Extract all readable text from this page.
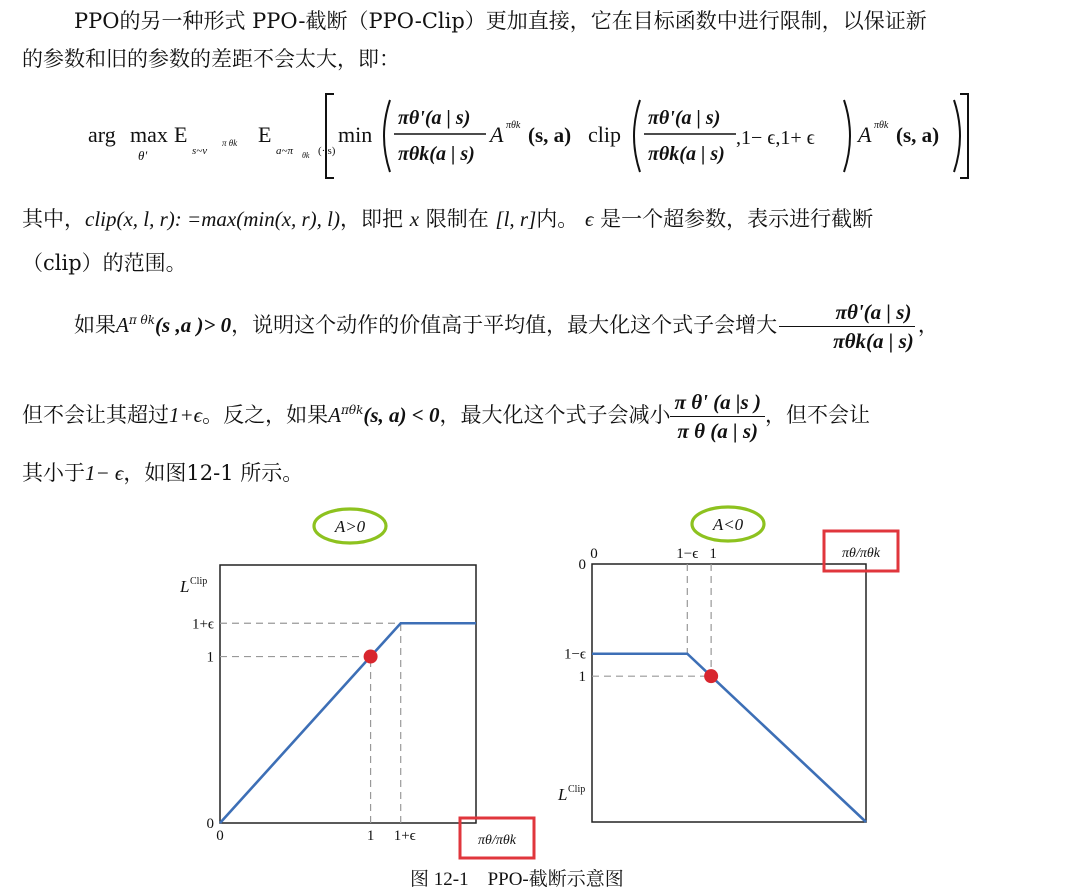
PPO的另一种形式 PPO-截断（PPO-Clip）更加直接，它在目标函数中进行限制，以保证新
的参数和旧的参数的差距不会太大，即：
arg max
θ'
E
s~ν
π θk E
a~π θk (·|s)
min
πθ'(a | s)
πθk(a | s)
A πθk (s, a) clip
πθ'(a | s)
πθk(a | s)
,1− ϵ,1+ ϵ A πθk (s, a)
其中，clip(x, l, r): =max(min(x, r), l)，即把 x 限制在 [l, r]内。 ϵ 是一个超参数，表示进行截断
（clip）的范围。
如果$A^{\pi \theta k}(s$ ,a )> 0，说明这个动作的价值高于平均值，最大化这个式子会增大 $\frac{\pi\theta'(a | s)}{\text{πθk(a | s)}}$ ，
但不会让其超过1+ϵ。反之，如果$A^{\pi\theta k}(s$, a) < 0，最大化这个式子会减小 $\frac{\text{π θ' (a |s )}}{\text{π θ (a | s)}}$ ，但不会让
其小于1− ϵ，如图12-1 所示。
0	1 1+ϵ
0
1
1+ϵ
L Clip
πθ/πθk
A>0
0	1−ϵ 1
0
1−ϵ
1
L Clip
πθ/πθk
A<0
图 12-1    PPO-截断示意图
